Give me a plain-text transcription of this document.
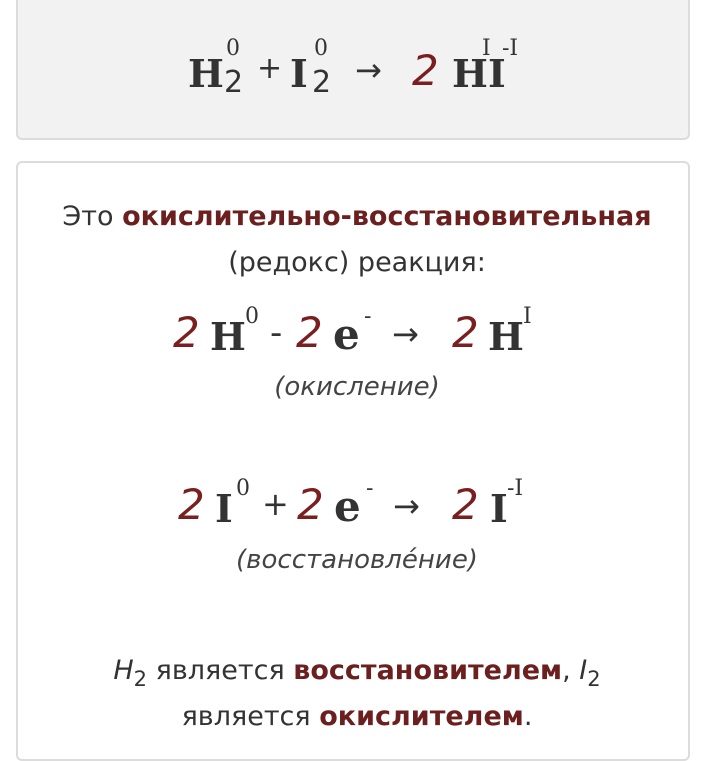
H 2
0
+ I 2
0
→ 2 H I
I -I
Это окислительно-восстановительная
(редокс) реакция:
2 H 0 - 2 e - → 2 H I
(окисление)
2 I 0 + 2 e - → 2 I -I
(восстановле́ние)
$H_2$ является восстановителем, $I_2$
является окислителем.
